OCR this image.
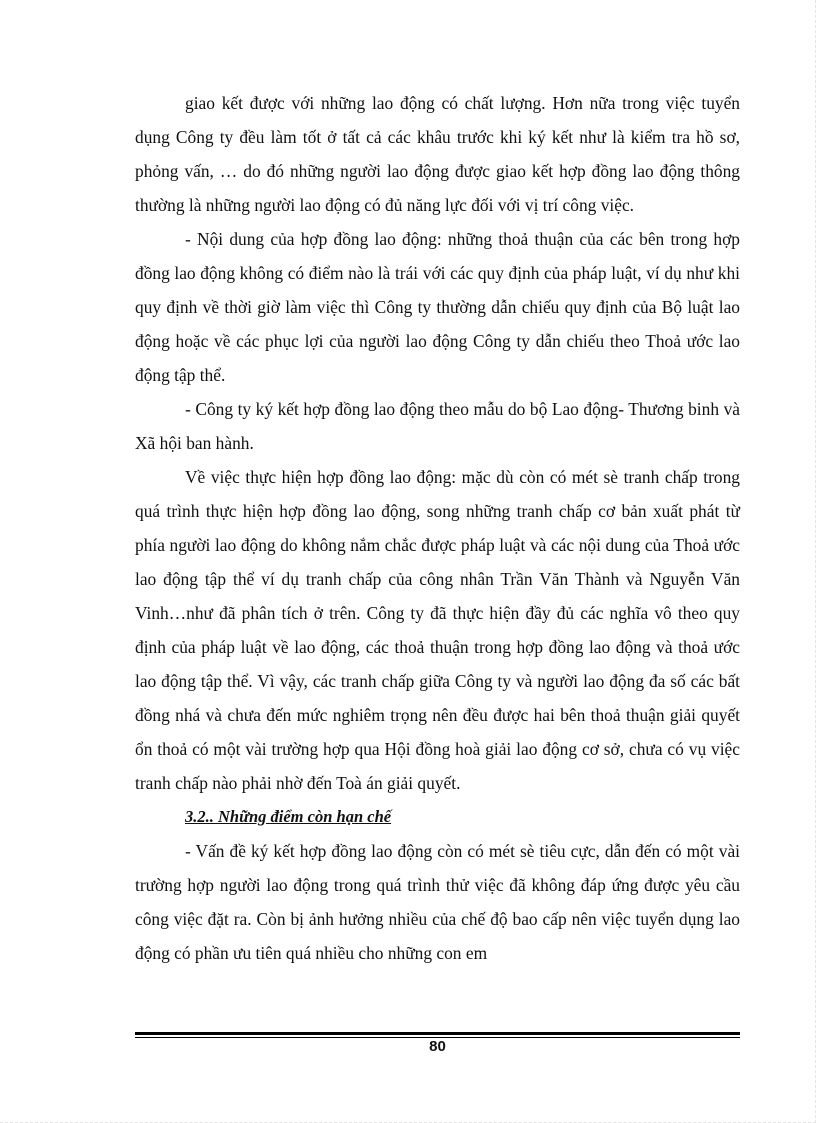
giao kết được với những lao động có chất lượng. Hơn nữa trong việc tuyển dụng Công ty đều làm tốt ở tất cả các khâu trước khi ký kết như là kiểm tra hồ sơ, phỏng vấn, … do đó những người lao động được giao kết hợp đồng lao động thông thường là những người lao động có đủ năng lực đối với vị trí công việc.

- Nội dung của hợp đồng lao động: những thoả thuận của các bên trong hợp đồng lao động không có điểm nào là trái với các quy định của pháp luật, ví dụ như khi quy định về thời giờ làm việc thì Công ty thường dẫn chiếu quy định của Bộ luật lao động hoặc về các phục lợi của người lao động Công ty dẫn chiếu theo Thoả ước lao động tập thể.

- Công ty ký kết hợp đồng lao động theo mẫu do bộ Lao động- Thương binh và Xã hội ban hành.

Về việc thực hiện hợp đồng lao động: mặc dù còn có mét sè tranh chấp trong quá trình thực hiện hợp đồng lao động, song những tranh chấp cơ bản xuất phát từ phía người lao động do không nắm chắc được pháp luật và các nội dung của Thoả ước lao động tập thể ví dụ tranh chấp của công nhân Trần Văn Thành và Nguyễn Văn Vinh…như đã phân tích ở trên. Công ty đã thực hiện đầy đủ các nghĩa vô theo quy định của pháp luật về lao động, các thoả thuận trong hợp đồng lao động và thoả ước lao động tập thể. Vì vậy, các tranh chấp giữa Công ty và người lao động đa số các bất đồng nhá và chưa đến mức nghiêm trọng nên đều được hai bên thoả thuận giải quyết ổn thoả có một vài trường hợp qua Hội đồng hoà giải lao động cơ sở, chưa có vụ việc tranh chấp nào phải nhờ đến Toà án giải quyết.

3.2.. Những điểm còn hạn chế

- Vấn đề ký kết hợp đồng lao động còn có mét sè tiêu cực, dẫn đến có một vài trường hợp người lao động trong quá trình thử việc đã không đáp ứng được yêu cầu công việc đặt ra. Còn bị ảnh hưởng nhiều của chế độ bao cấp nên việc tuyển dụng lao động có phần ưu tiên quá nhiều cho những con em

80
